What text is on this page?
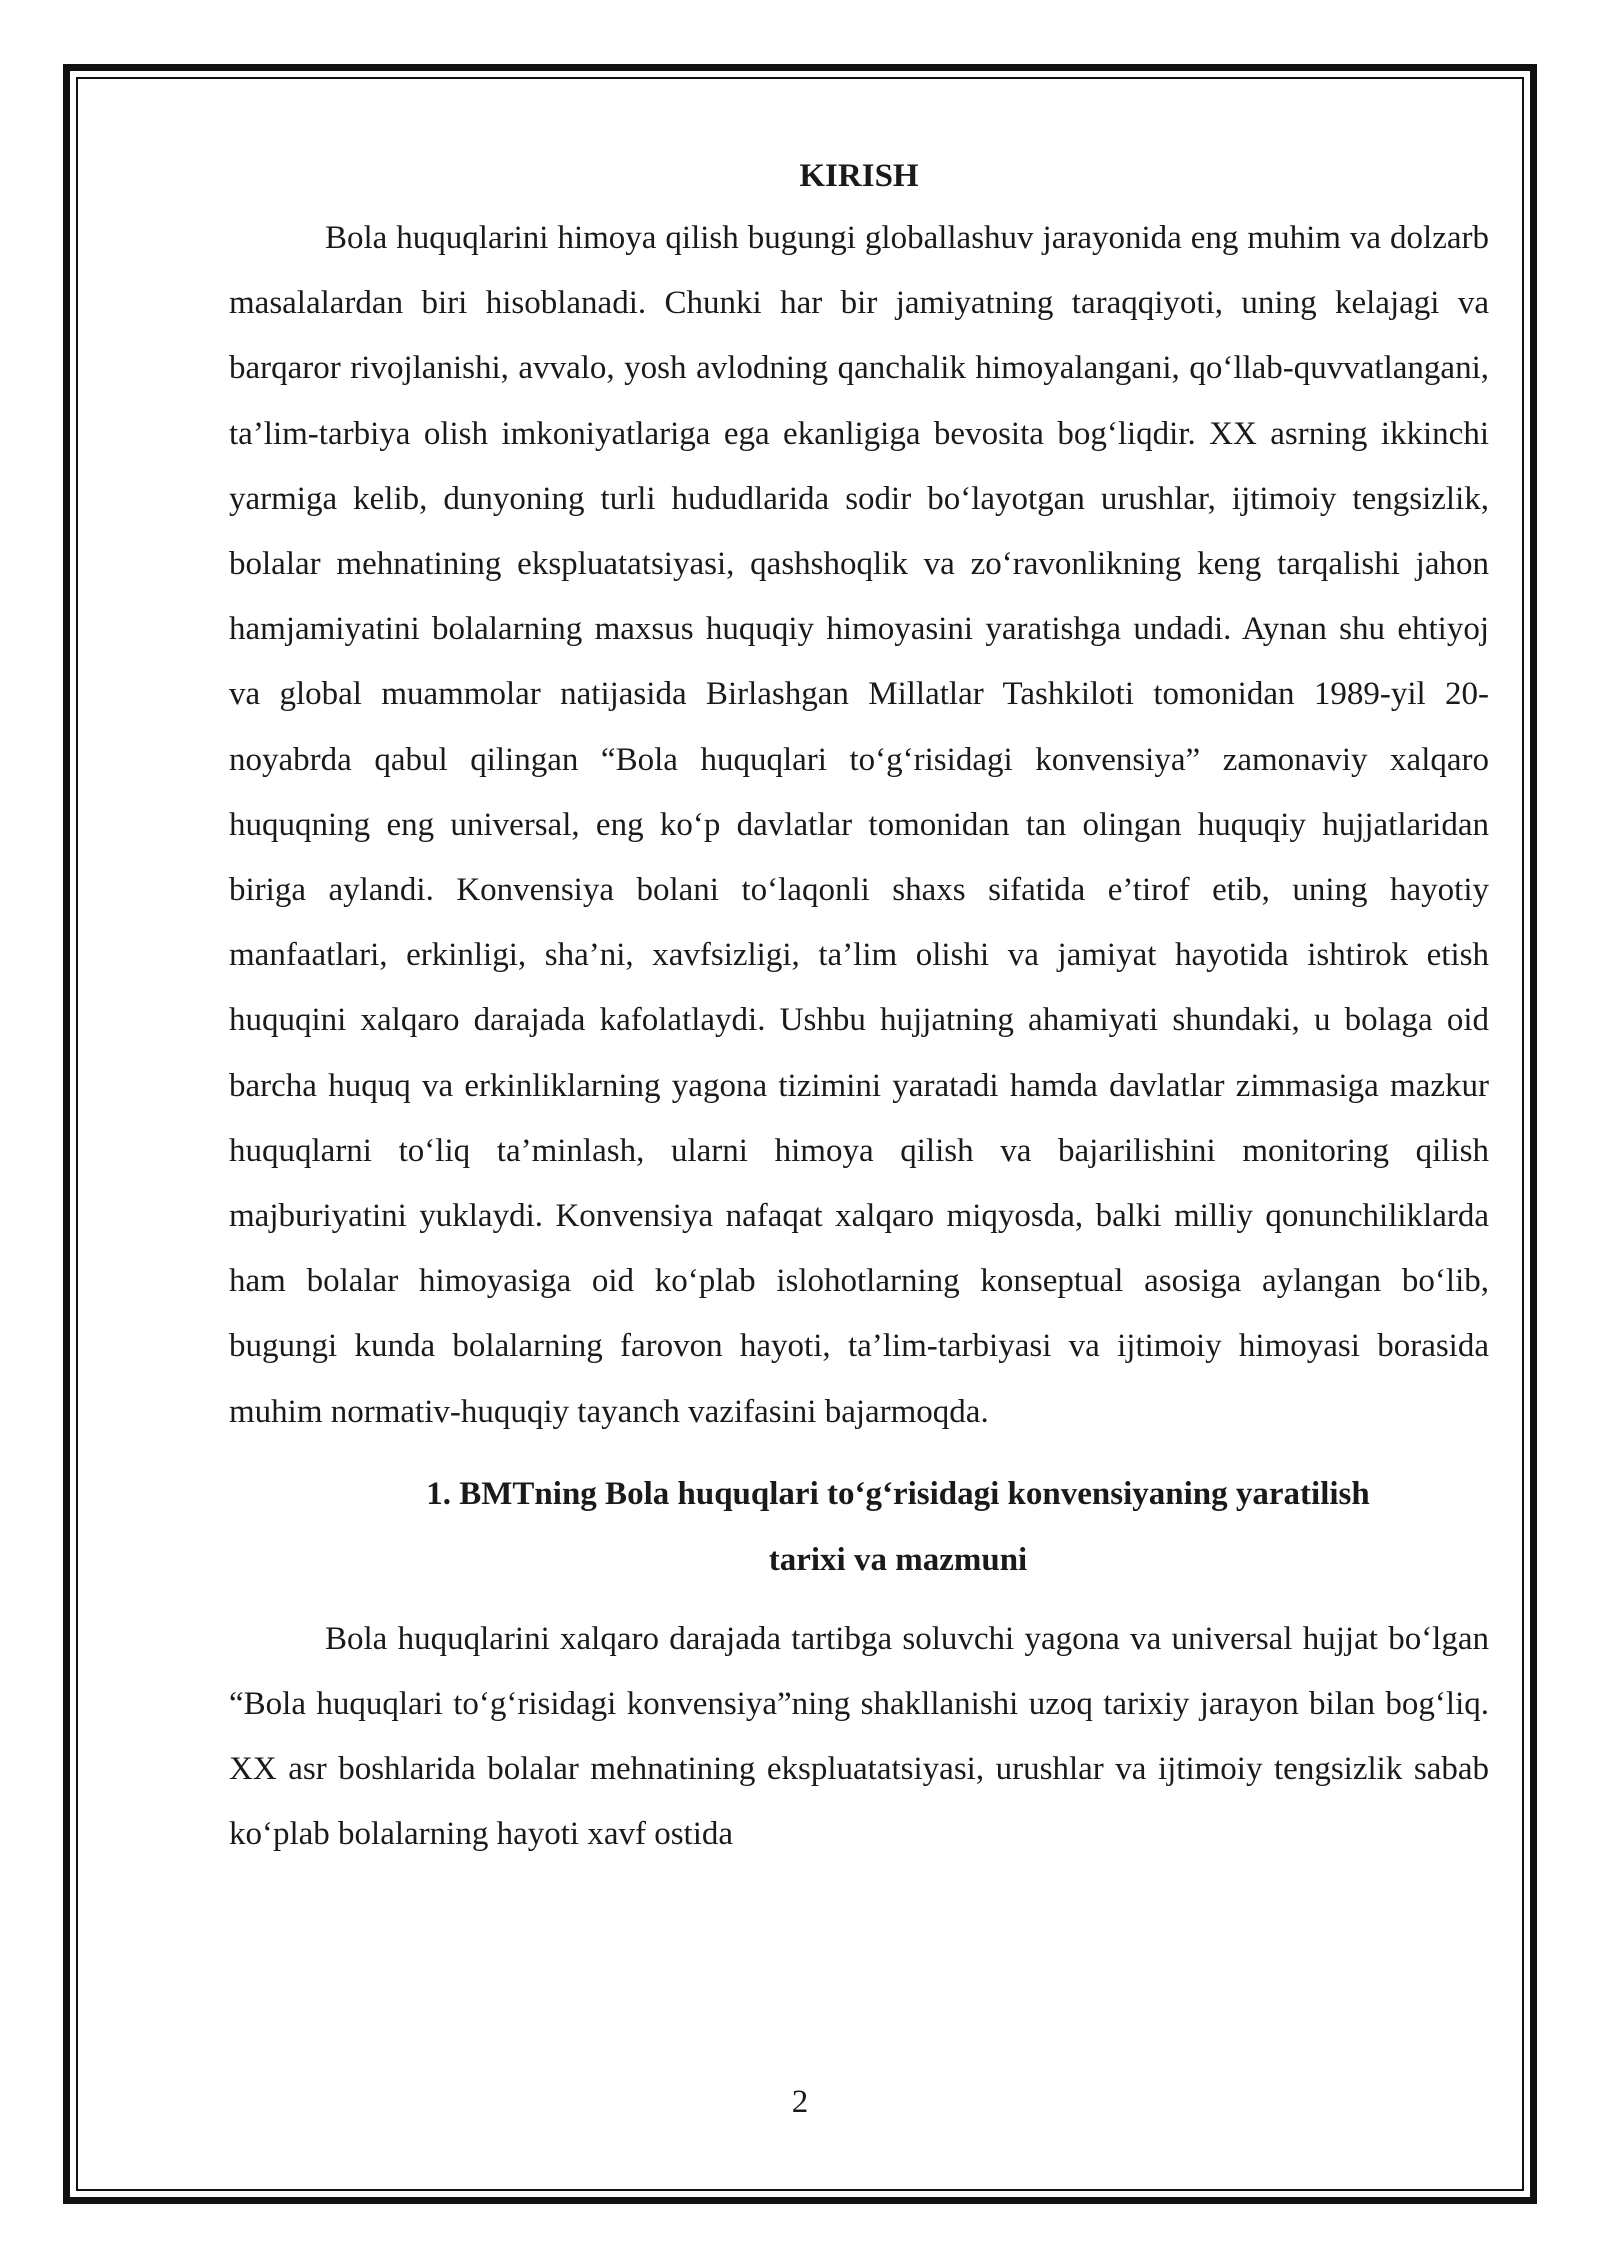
KIRISH

Bola huquqlarini himoya qilish bugungi globallashuv jarayonida eng muhim va dolzarb masalalardan biri hisoblanadi. Chunki har bir jamiyatning taraqqiyoti, uning kelajagi va barqaror rivojlanishi, avvalo, yosh avlodning qanchalik himoyalangani, qo‘llab-quvvatlangani, ta’lim-tarbiya olish imkoniyatlariga ega ekanligiga bevosita bog‘liqdir. XX asrning ikkinchi yarmiga kelib, dunyoning turli hududlarida sodir bo‘layotgan urushlar, ijtimoiy tengsizlik, bolalar mehnatining ekspluatatsiyasi, qashshoqlik va zo‘ravonlikning keng tarqalishi jahon hamjamiyatini bolalarning maxsus huquqiy himoyasini yaratishga undadi. Aynan shu ehtiyoj va global muammolar natijasida Birlashgan Millatlar Tashkiloti tomonidan 1989-yil 20-noyabrda qabul qilingan “Bola huquqlari to‘g‘risidagi konvensiya” zamonaviy xalqaro huquqning eng universal, eng ko‘p davlatlar tomonidan tan olingan huquqiy hujjatlaridan biriga aylandi. Konvensiya bolani to‘laqonli shaxs sifatida e’tirof etib, uning hayotiy manfaatlari, erkinligi, sha’ni, xavfsizligi, ta’lim olishi va jamiyat hayotida ishtirok etish huquqini xalqaro darajada kafolatlaydi. Ushbu hujjatning ahamiyati shundaki, u bolaga oid barcha huquq va erkinliklarning yagona tizimini yaratadi hamda davlatlar zimmasiga mazkur huquqlarni to‘liq ta’minlash, ularni himoya qilish va bajarilishini monitoring qilish majburiyatini yuklaydi. Konvensiya nafaqat xalqaro miqyosda, balki milliy qonunchiliklarda ham bolalar himoyasiga oid ko‘plab islohotlarning konseptual asosiga aylangan bo‘lib, bugungi kunda bolalarning farovon hayoti, ta’lim-tarbiyasi va ijtimoiy himoyasi borasida muhim normativ-huquqiy tayanch vazifasini bajarmoqda.

1. BMTning Bola huquqlari to‘g‘risidagi konvensiyaning yaratilish
tarixi va mazmuni

Bola huquqlarini xalqaro darajada tartibga soluvchi yagona va universal hujjat bo‘lgan “Bola huquqlari to‘g‘risidagi konvensiya”ning shakllanishi uzoq tarixiy jarayon bilan bog‘liq. XX asr boshlarida bolalar mehnatining ekspluatatsiyasi, urushlar va ijtimoiy tengsizlik sabab ko‘plab bolalarning hayoti xavf ostida

2
